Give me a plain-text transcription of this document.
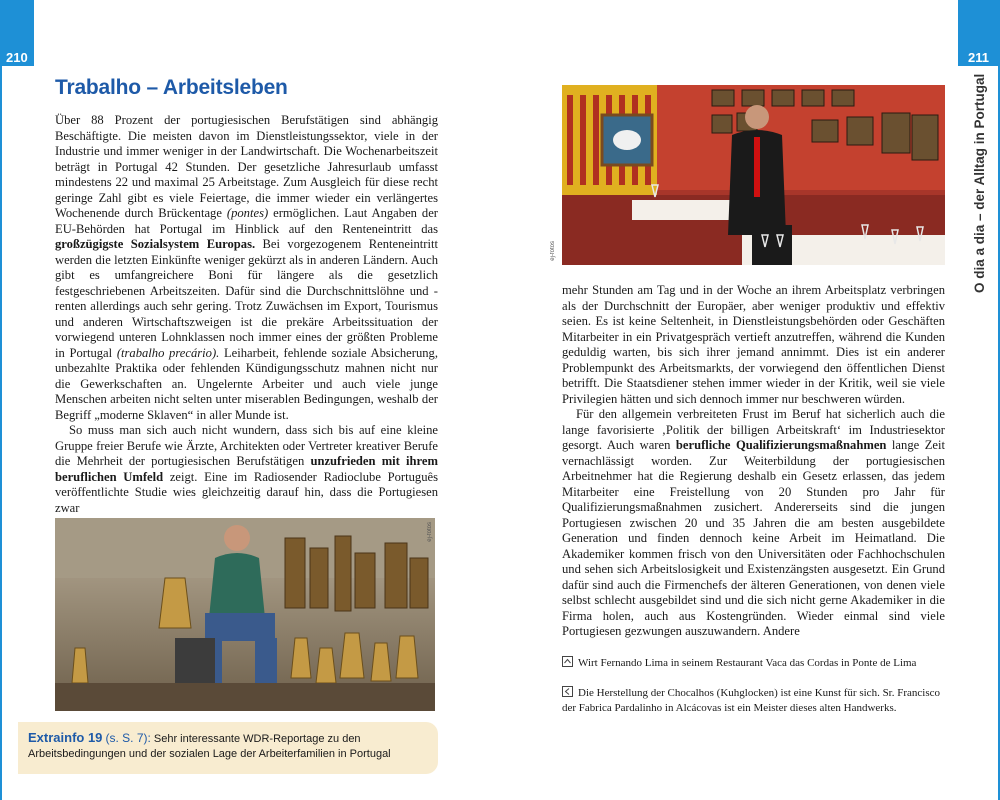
210	211
O dia a dia – der Alltag in Portugal
Trabalho – Arbeitsleben

Über 88 Prozent der portugiesischen Berufstätigen sind abhängig Beschäftigte. Die meisten davon im Dienstleistungssektor, viele in der Industrie und immer weniger in der Landwirtschaft. Die Wochenarbeitszeit beträgt in Portugal 42 Stunden. Der gesetzliche Jahresurlaub umfasst mindestens 22 und maximal 25 Arbeitstage. Zum Ausgleich für diese recht geringe Zahl gibt es viele Feiertage, die immer wieder ein verlängertes Wochenende durch Brückentage (pontes) ermöglichen. Laut Angaben der EU-Behörden hat Portugal im Hinblick auf den Renteneintritt das großzügigste Sozialsystem Europas. Bei vorgezogenem Renteneintritt werden die letzten Einkünfte weniger gekürzt als in anderen Ländern. Auch gibt es umfangreichere Boni für längere als die gesetzlich festgeschriebenen Arbeitszeiten. Dafür sind die Durchschnittslöhne und -renten allerdings auch sehr gering. Trotz Zuwächsen im Export, Tourismus und anderen Wirtschaftszweigen ist die prekäre Arbeitssituation der vorwiegend unteren Lohnklassen noch immer eines der größten Probleme in Portugal (trabalho precário). Leiharbeit, fehlende soziale Absicherung, unbezahlte Praktika oder fehlenden Kündigungsschutz mahnen nicht nur die Gewerkschaften an. Ungelernte Arbeiter und auch viele junge Menschen arbeiten nicht selten unter miserablen Bedingungen, weshalb der Begriff „moderne Sklaven“ in aller Munde ist.

So muss man sich auch nicht wundern, dass sich bis auf eine kleine Gruppe freier Berufe wie Ärzte, Architekten oder Vertreter kreativer Berufe die Mehrheit der portugiesischen Berufstätigen unzufrieden mit ihrem beruflichen Umfeld zeigt. Eine im Radiosender Radioclube Português veröffentlichte Studie wies gleichzeitig darauf hin, dass die Portugiesen zwar

ej-fotos
Extrainfo 19 (s. S. 7): Sehr interessante WDR-Reportage zu den Arbeitsbedingungen und der sozialen Lage der Arbeiterfamilien in Portugal
ej-fotos

mehr Stunden am Tag und in der Woche an ihrem Arbeitsplatz verbringen als der Durchschnitt der Europäer, aber weniger produktiv und effektiv seien. Es ist keine Seltenheit, in Dienstleistungsbehörden oder Geschäften Mitarbeiter in ein Privatgespräch vertieft anzutreffen, während die Kunden geduldig warten, bis sich ihrer jemand annimmt. Dies ist ein anderer Problempunkt des Arbeitsmarkts, der vorwiegend den öffentlichen Dienst betrifft. Die Staatsdiener stehen immer wieder in der Kritik, weil sie viele Privilegien hätten und sich dennoch immer nur beschweren würden.

Für den allgemein verbreiteten Frust im Beruf hat sicherlich auch die lange favorisierte ‚Politik der billigen Arbeitskraft‘ im Industriesektor gesorgt. Auch waren berufliche Qualifizierungsmaßnahmen lange Zeit vernachlässigt worden. Zur Weiterbildung der portugiesischen Arbeitnehmer hat die Regierung deshalb ein Gesetz erlassen, das jedem Mitarbeiter eine Freistellung von 20 Stunden pro Jahr für Qualifizierungsmaßnahmen zusichert. Andererseits sind die jungen Portugiesen zwischen 20 und 35 Jahren die am besten ausgebildete Generation und finden dennoch keine Arbeit im Heimatland. Die Akademiker kommen frisch von den Universitäten oder Fachhochschulen und sehen sich Arbeitslosigkeit und Existenzängsten ausgesetzt. Ein Grund dafür sind auch die Firmenchefs der älteren Generationen, von denen viele selbst schlecht ausgebildet sind und die sich nicht gerne Akademiker in die Firma holen, auch aus Kostengründen. Wieder einmal sind viele Portugiesen gezwungen auszuwandern. Andere

Wirt Fernando Lima in seinem Restaurant Vaca das Cordas in Ponte de Lima
Die Herstellung der Chocalhos (Kuhglocken) ist eine Kunst für sich. Sr. Francisco der Fabrica Pardalinho in Alcácovas ist ein Meister dieses alten Handwerks.
